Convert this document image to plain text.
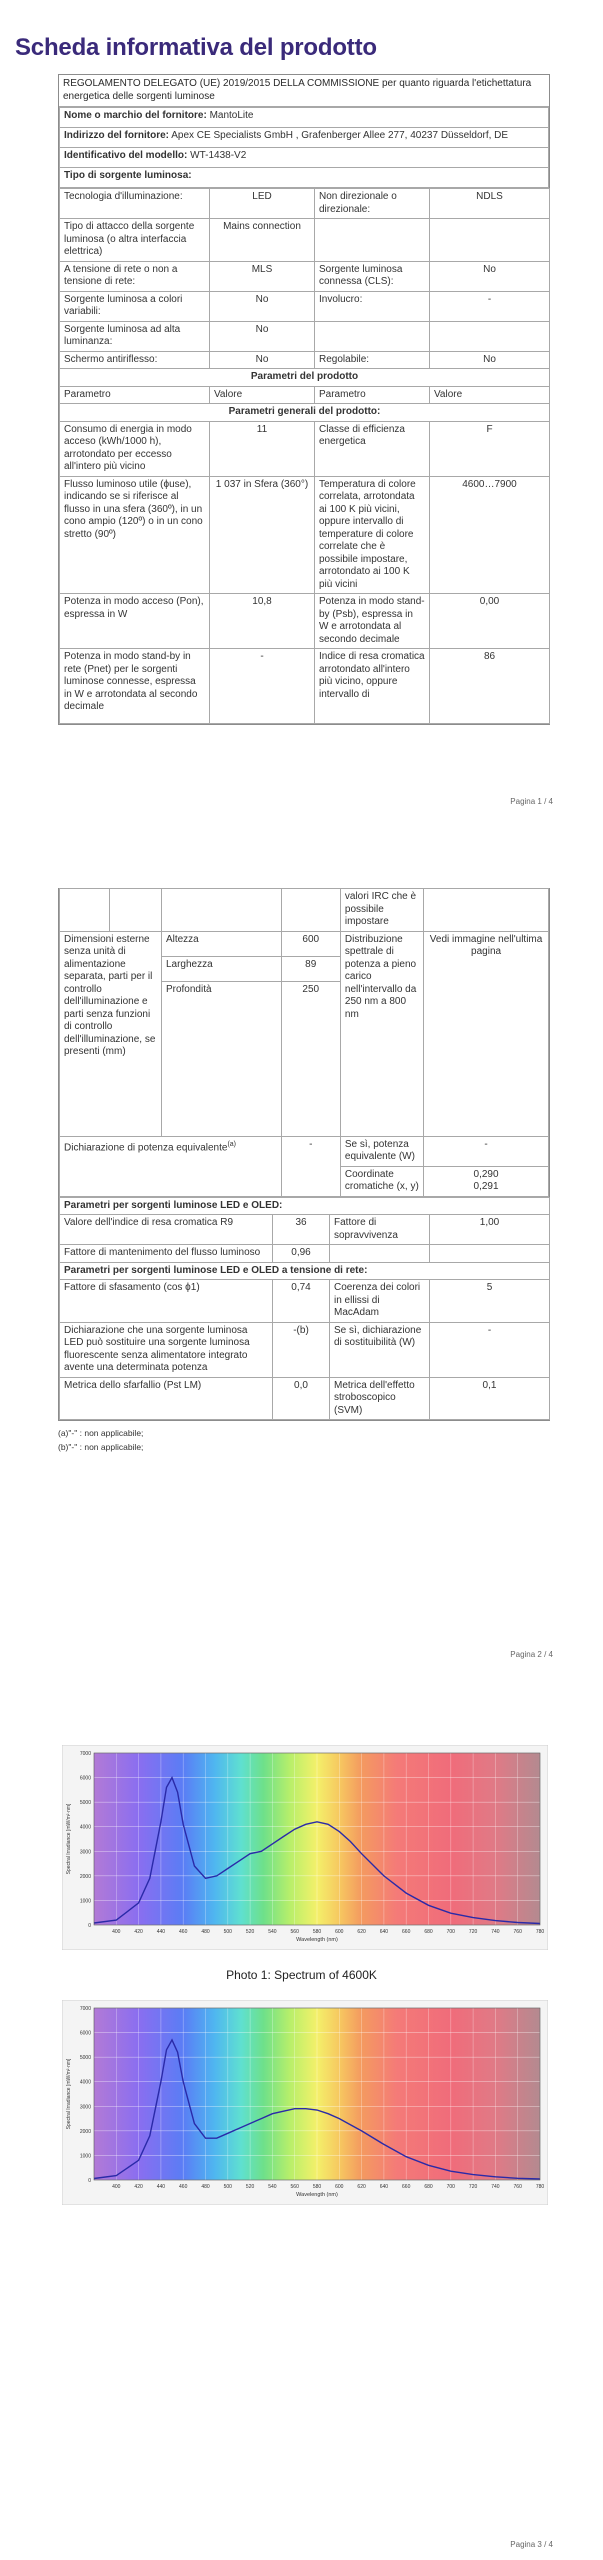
Scheda informativa del prodotto
REGOLAMENTO DELEGATO (UE) 2019/2015 DELLA COMMISSIONE per quanto riguarda l'etichettatura energetica delle sorgenti luminose
Nome o marchio del fornitore: MantoLite
Indirizzo del fornitore: Apex CE Specialists GmbH , Grafenberger Allee 277, 40237 Düsseldorf, DE
Identificativo del modello: WT-1438-V2
Tipo di sorgente luminosa:
Tecnologia d'illuminazione:	LED	Non direzionale o direzionale:	NDLS
Tipo di attacco della sorgente luminosa (o altra interfaccia elettrica)	Mains connection		
A tensione di rete o non a tensione di rete:	MLS	Sorgente luminosa connessa (CLS):	No
Sorgente luminosa a colori variabili:	No	Involucro:	-
Sorgente luminosa ad alta luminanza:	No		
Schermo antiriflesso:	No	Regolabile:	No
Parametri del prodotto			
Parametro	Valore	Parametro	Valore
Parametri generali del prodotto:			
Consumo di energia in modo acceso (kWh/1000 h), arrotondato per eccesso all'intero più vicino	11	Classe di efficienza energetica	F
Flusso luminoso utile (ϕuse), indicando se si riferisce al flusso in una sfera (360º), in un cono ampio (120º) o in un cono stretto (90º)	1 037 in Sfera (360°)	Temperatura di colore correlata, arrotondata ai 100 K più vicini, oppure intervallo di temperature di colore correlate che è possibile impostare, arrotondato ai 100 K più vicini	4600…7900
Potenza in modo acceso (Pon), espressa in W	10,8	Potenza in modo stand-by (Psb), espressa in W e arrotondata al secondo decimale	0,00
Potenza in modo stand-by in rete (Pnet) per le sorgenti luminose connesse, espressa in W e arrotondata al secondo decimale	-	Indice di resa cromatica arrotondato all'intero più vicino, oppure intervallo di	86
Pagina 1 / 4
				valori IRC che è possibile impostare	
Dimensioni esterne senza unità di alimentazione separata, parti per il controllo dell'illuminazione e parti senza funzioni di controllo dell'illuminazione, se presenti (mm)		Altezza	600	Distribuzione spettrale di potenza a pieno carico nell'intervallo da 250 nm a 800 nm	Vedi immagine nell'ultima pagina
		Larghezza	89		
		Profondità	250		
Dichiarazione di potenza equivalente$^{(a)}$			-	Se sì, potenza equivalente (W)	-
				Coordinate cromatiche (x, y)	0,290
0,291
Parametri per sorgenti luminose LED e OLED:			
Valore dell'indice di resa cromatica R9	36	Fattore di sopravvivenza	1,00
Fattore di mantenimento del flusso luminoso	0,96		
Parametri per sorgenti luminose LED e OLED a tensione di rete:			
Fattore di sfasamento (cos ϕ1)	0,74	Coerenza dei colori in ellissi di MacAdam	5
Dichiarazione che una sorgente luminosa LED può sostituire una sorgente luminosa fluorescente senza alimentatore integrato avente una determinata potenza	-(b)	Se sì, dichiarazione di sostituibilità (W)	-
Metrica dello sfarfallio (Pst LM)	0,0	Metrica dell'effetto stroboscopico (SVM)	0,1
(a)"-" : non applicabile;
(b)"-" : non applicabile;
Pagina 2 / 4
0
1000
2000
3000
4000
5000
6000
7000
400	420	440	460	480	500	520	540	560	580	600	620	640	660	680	700	720	740	760	780
Wavelength (nm)
Spectral Irradiance [mW/m²·nm]
Photo 1: Spectrum of 4600K
0
1000
2000
3000
4000
5000
6000
7000
400	420	440	460	480	500	520	540	560	580	600	620	640	660	680	700	720	740	760	780
Wavelength (nm)
Spectral Irradiance [mW/m²·nm]
Pagina 3 / 4
